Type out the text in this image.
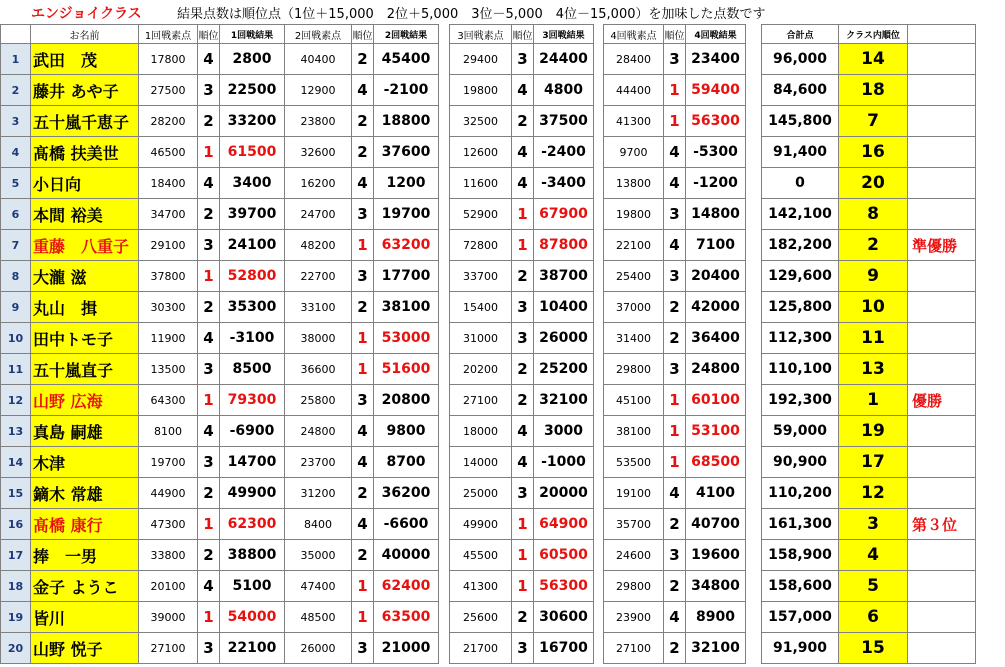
エンジョイクラス	結果点数は順位点（1位＋15,000　2位＋5,000　3位－5,000　4位－15,000）を加味した点数です
	お名前	1回戦素点	順位	1回戦結果	2回戦素点	順位	2回戦結果		3回戦素点	順位	3回戦結果		4回戦素点	順位	4回戦結果		合計点	クラス内順位	
1	武田　茂	17800	4	2800	40400	2	45400		29400	3	24400		28400	3	23400		96,000	14	
2	藤井 あや子	27500	3	22500	12900	4	-2100		19800	4	4800		44400	1	59400		84,600	18	
3	五十嵐千恵子	28200	2	33200	23800	2	18800		32500	2	37500		41300	1	56300		145,800	7	
4	髙橋 扶美世	46500	1	61500	32600	2	37600		12600	4	-2400		9700	4	-5300		91,400	16	
5	小日向	18400	4	3400	16200	4	1200		11600	4	-3400		13800	4	-1200		0	20	
6	本間 裕美	34700	2	39700	24700	3	19700		52900	1	67900		19800	3	14800		142,100	8	
7	重藤　八重子	29100	3	24100	48200	1	63200		72800	1	87800		22100	4	7100		182,200	2	準優勝
8	大瀧 滋	37800	1	52800	22700	3	17700		33700	2	38700		25400	3	20400		129,600	9	
9	丸山　揖	30300	2	35300	33100	2	38100		15400	3	10400		37000	2	42000		125,800	10	
10	田中トモ子	11900	4	-3100	38000	1	53000		31000	3	26000		31400	2	36400		112,300	11	
11	五十嵐直子	13500	3	8500	36600	1	51600		20200	2	25200		29800	3	24800		110,100	13	
12	山野 広海	64300	1	79300	25800	3	20800		27100	2	32100		45100	1	60100		192,300	1	優勝
13	真島 嗣雄	8100	4	-6900	24800	4	9800		18000	4	3000		38100	1	53100		59,000	19	
14	木津	19700	3	14700	23700	4	8700		14000	4	-1000		53500	1	68500		90,900	17	
15	鏑木 常雄	44900	2	49900	31200	2	36200		25000	3	20000		19100	4	4100		110,200	12	
16	髙橋 康行	47300	1	62300	8400	4	-6600		49900	1	64900		35700	2	40700		161,300	3	第３位
17	捧　一男	33800	2	38800	35000	2	40000		45500	1	60500		24600	3	19600		158,900	4	
18	金子 ようこ	20100	4	5100	47400	1	62400		41300	1	56300		29800	2	34800		158,600	5	
19	皆川	39000	1	54000	48500	1	63500		25600	2	30600		23900	4	8900		157,000	6	
20	山野 悦子	27100	3	22100	26000	3	21000		21700	3	16700		27100	2	32100		91,900	15	
